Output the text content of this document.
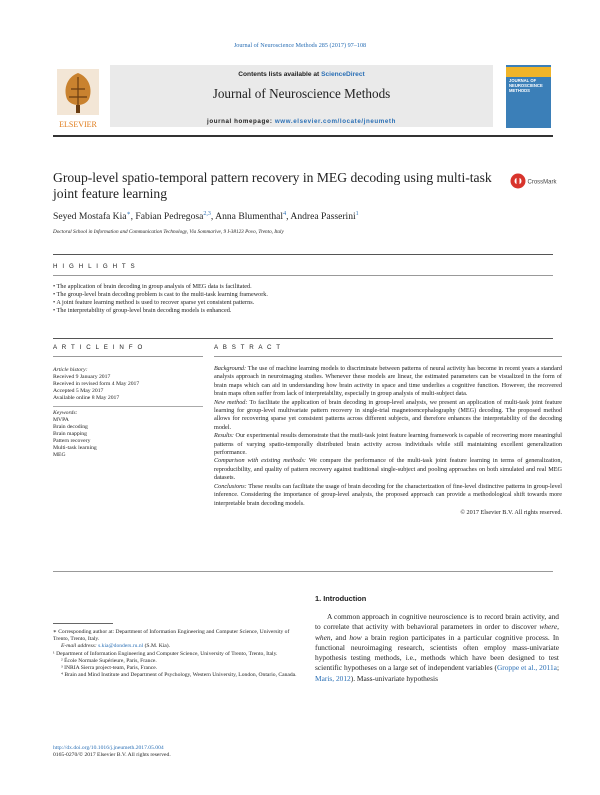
Journal of Neuroscience Methods 285 (2017) 97–108
ELSEVIER
Contents lists available at ScienceDirect
Journal of Neuroscience Methods
journal homepage: www.elsevier.com/locate/jneumeth
JOURNAL OF NEUROSCIENCE METHODS
Group-level spatio-temporal pattern recovery in MEG decoding using multi-task joint feature learning
CrossMark
Seyed Mostafa Kia∗, Fabian Pedregosa$^{2,3}$, Anna Blumenthal$^4$, Andrea Passerini$^1$
Doctoral School in Information and Communication Technology, Via Sommarive, 9 I-38123 Povo, Trento, Italy
H I G H L I G H T S
• The application of brain decoding in group analysis of MEG data is facilitated.
• The group-level brain decoding problem is cast to the multi-task learning framework.
• A joint feature learning method is used to recover sparse yet consistent patterns.
• The interpretability of group-level brain decoding models is enhanced.
A R T I C L E I N F O	A B S T R A C T
Article history:
Received 9 January 2017
Received in revised form 4 May 2017
Accepted 5 May 2017
Available online 8 May 2017
Keywords:
MVPA
Brain decoding
Brain mapping
Pattern recovery
Multi-task learning
MEG
Background: The use of machine learning models to discriminate between patterns of neural activity has become in recent years a standard analysis approach in neuroimaging studies. Whenever these models are linear, the estimated parameters can be visualized in the form of brain maps which can aid in understanding how brain activity in space and time underlies a cognitive function. However, the recovered brain maps often suffer from lack of interpretability, especially in group analysis of multi-subject data.
New method: To facilitate the application of brain decoding in group-level analysis, we present an application of multi-task joint feature learning for group-level multivariate pattern recovery in single-trial magnetoencephalography (MEG) decoding. The proposed method allows for recovering sparse yet consistent patterns across different subjects, and therefore enhances the interpretability of the decoding model.
Results: Our experimental results demonstrate that the mutli-task joint feature learning framework is capable of recovering more meaningful patterns of varying spatio-temporally distributed brain activity across individuals while still maintaining excellent generalization performance.
Comparison with existing methods: We compare the performance of the multi-task joint feature learning in terms of generalization, reproducibility, and quality of pattern recovery against traditional single-subject and pooling approaches on both simulated and real MEG datasets.
Conclusions: These results can facilitate the usage of brain decoding for the characterization of fine-level distinctive patterns in group-level inference. Considering the importance of group-level analysis, the proposed approach can provide a methodological shift towards more interpretable brain decoding models.
© 2017 Elsevier B.V. All rights reserved.
1. Introduction

A common approach in cognitive neuroscience is to record brain activity, and to correlate that activity with behavioral parameters in order to discover where, when, and how a brain region participates in a particular cognitive process. In functional neuroimaging research, scientists often employ mass-univariate hypothesis testing methods, i.e., methods which have been designed to test scientific hypotheses on a large set of independent variables (Groppe et al., 2011a; Maris, 2012). Mass-univariate hypothesis

∗ Corresponding author at: Department of Information Engineering and Computer Science, University of Trento, Trento, Italy.
E-mail address: s.kia@donders.ru.nl (S.M. Kia).
¹ Department of Information Engineering and Computer Science, University of Trento, Trento, Italy.
² École Normale Supérieure, Paris, France.
³ INRIA Sierra project-team, Paris, France.
⁴ Brain and Mind Institute and Department of Psychology, Western University, London, Ontario, Canada.
http://dx.doi.org/10.1016/j.jneumeth.2017.05.004
0165-0270/© 2017 Elsevier B.V. All rights reserved.
